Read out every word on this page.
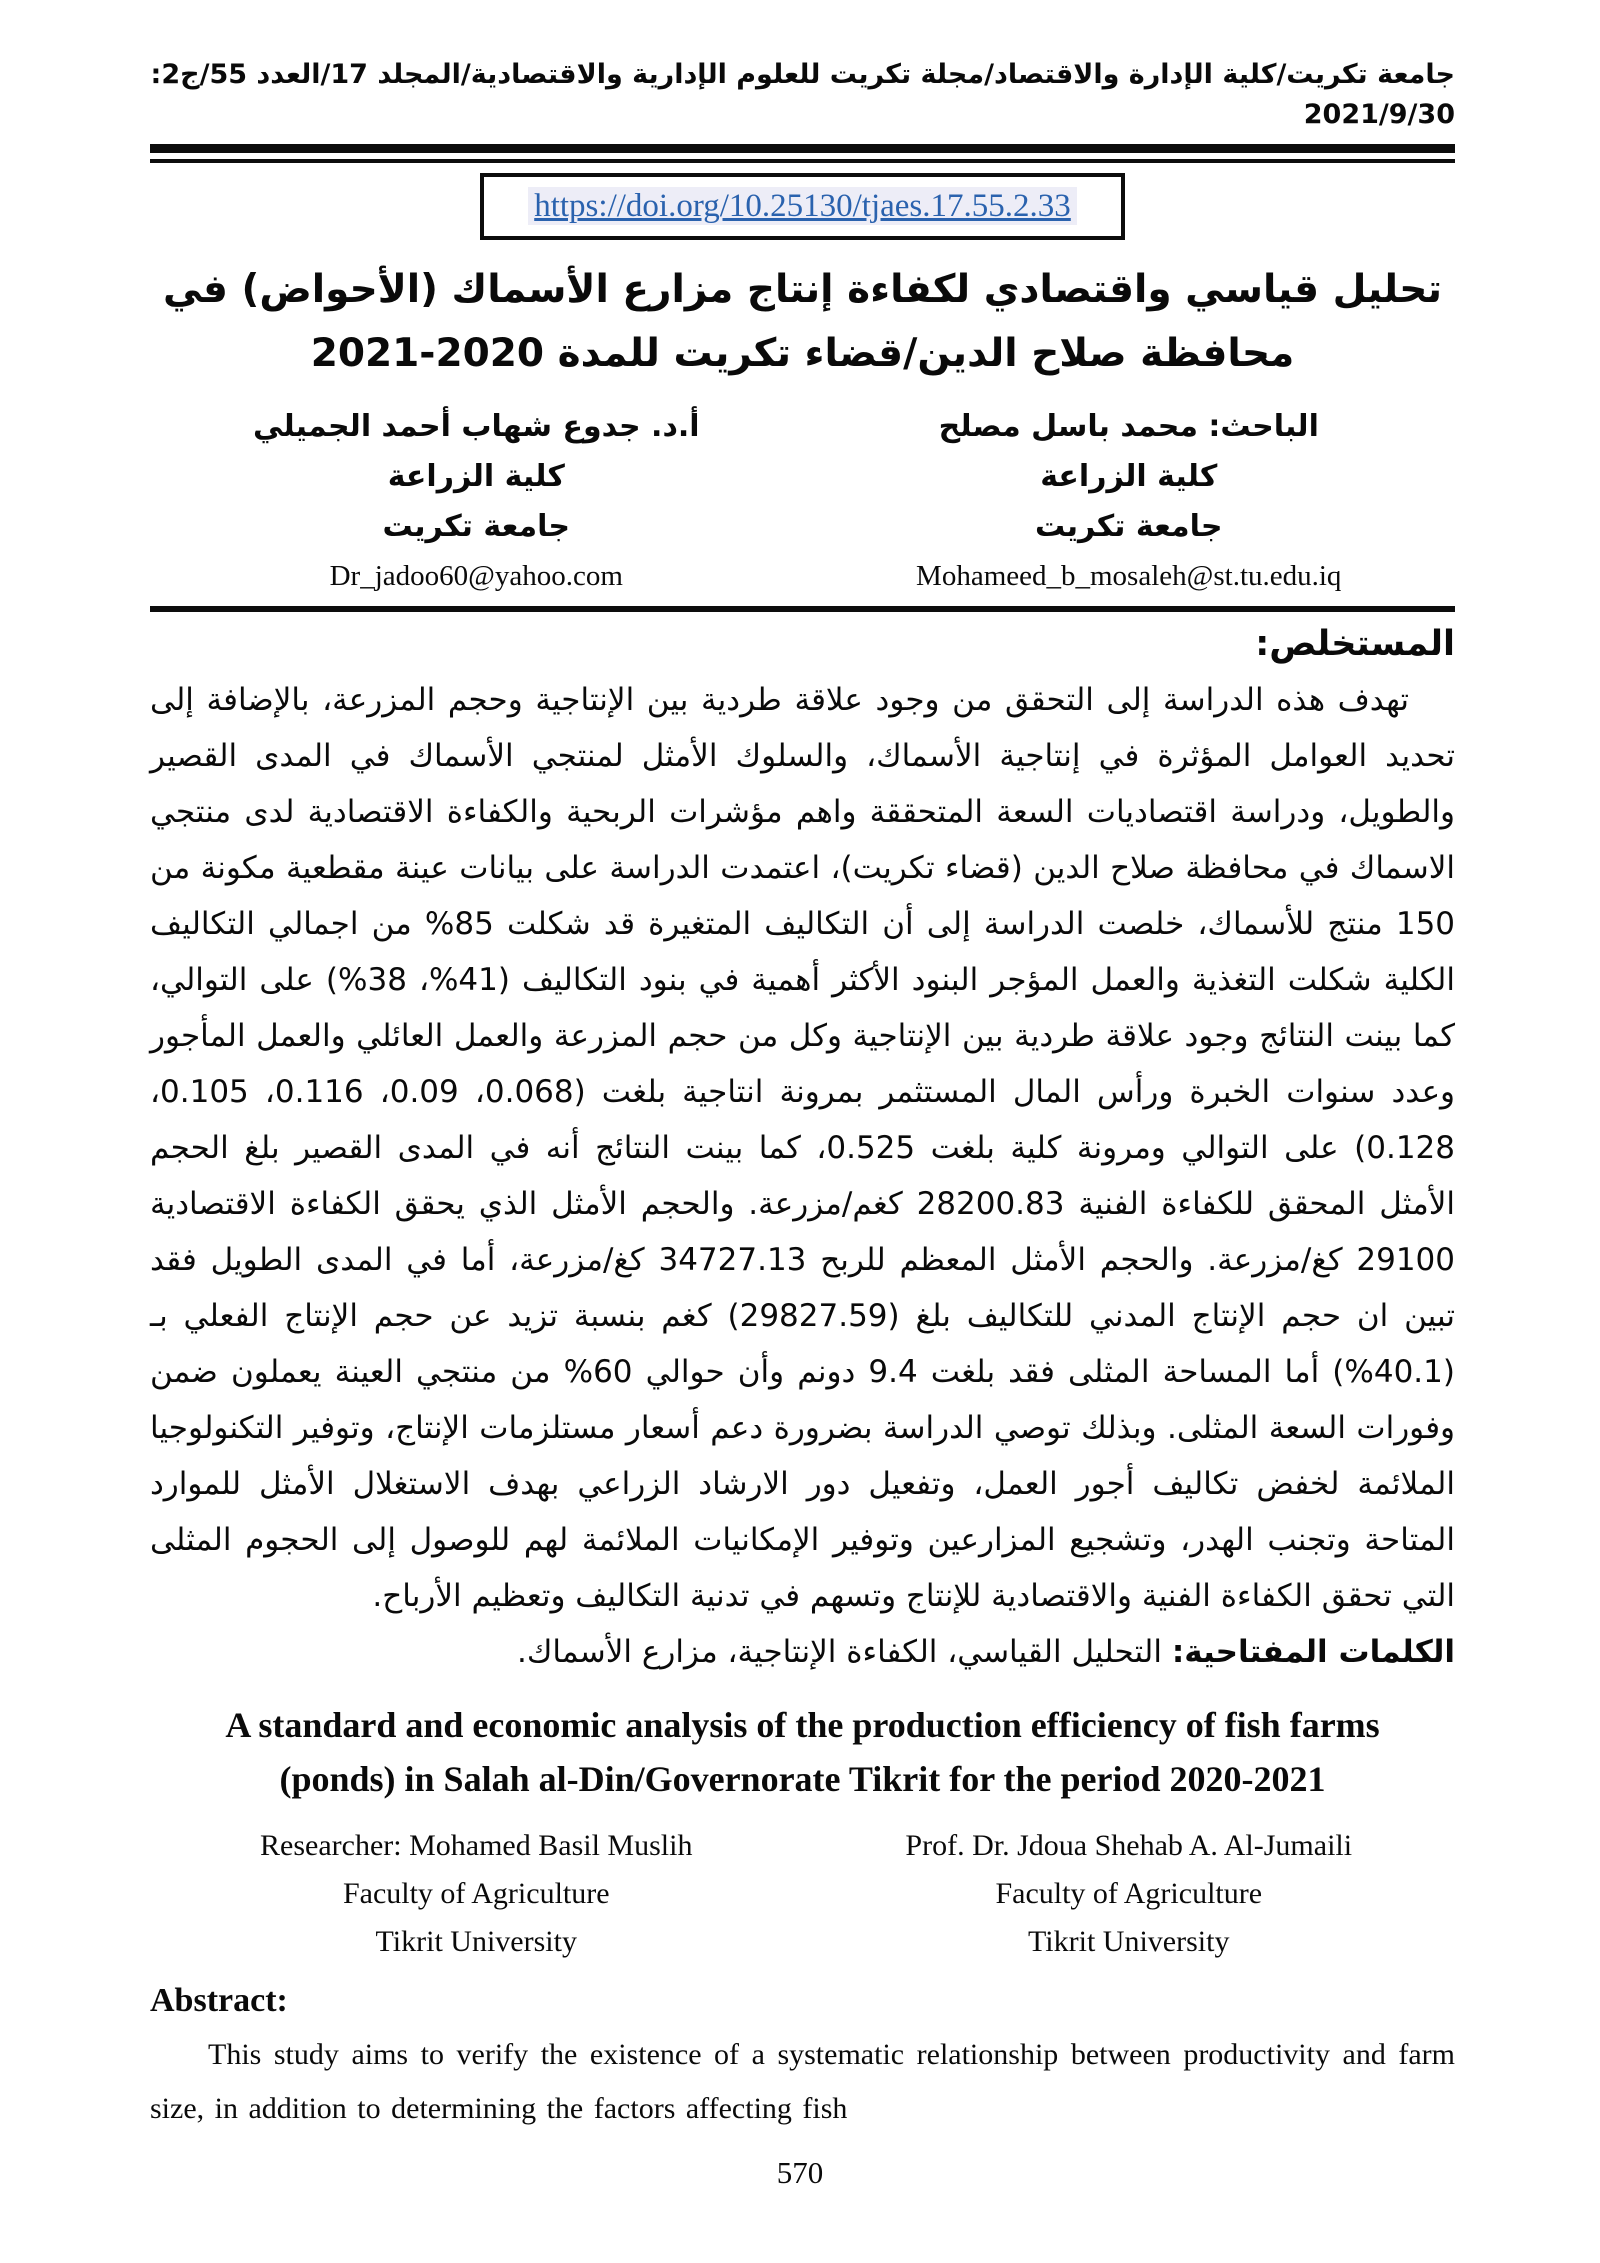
جامعة تكريت/كلية الإدارة والاقتصاد/مجلة تكريت للعلوم الإدارية والاقتصادية/المجلد 17/العدد 55/ج2: 2021/9/30
https://doi.org/10.25130/tjaes.17.55.2.33
تحليل قياسي واقتصادي لكفاءة إنتاج مزارع الأسماك (الأحواض) في محافظة صلاح الدين/قضاء تكريت للمدة 2020-2021
الباحث: محمد باسل مصلح
كلية الزراعة
جامعة تكريت
أ.د. جدوع شهاب أحمد الجميلي
كلية الزراعة
جامعة تكريت
Dr_jadoo60@yahoo.com	Mohameed_b_mosaleh@st.tu.edu.iq
المستخلص:

تهدف هذه الدراسة إلى التحقق من وجود علاقة طردية بين الإنتاجية وحجم المزرعة، بالإضافة إلى تحديد العوامل المؤثرة في إنتاجية الأسماك، والسلوك الأمثل لمنتجي الأسماك في المدى القصير والطويل، ودراسة اقتصاديات السعة المتحققة واهم مؤشرات الربحية والكفاءة الاقتصادية لدى منتجي الاسماك في محافظة صلاح الدين (قضاء تكريت)، اعتمدت الدراسة على بيانات عينة مقطعية مكونة من 150 منتج للأسماك، خلصت الدراسة إلى أن التكاليف المتغيرة قد شكلت 85% من اجمالي التكاليف الكلية شكلت التغذية والعمل المؤجر البنود الأكثر أهمية في بنود التكاليف (41%، 38%) على التوالي، كما بينت النتائج وجود علاقة طردية بين الإنتاجية وكل من حجم المزرعة والعمل العائلي والعمل المأجور وعدد سنوات الخبرة ورأس المال المستثمر بمرونة انتاجية بلغت (0.068، 0.09، 0.116، 0.105، 0.128) على التوالي ومرونة كلية بلغت 0.525، كما بينت النتائج أنه في المدى القصير بلغ الحجم الأمثل المحقق للكفاءة الفنية 28200.83 كغم/مزرعة. والحجم الأمثل الذي يحقق الكفاءة الاقتصادية 29100 كغ/مزرعة. والحجم الأمثل المعظم للربح 34727.13 كغ/مزرعة، أما في المدى الطويل فقد تبين ان حجم الإنتاج المدني للتكاليف بلغ (29827.59) كغم بنسبة تزيد عن حجم الإنتاج الفعلي بـ (40.1%) أما المساحة المثلى فقد بلغت 9.4 دونم وأن حوالي 60% من منتجي العينة يعملون ضمن وفورات السعة المثلى. وبذلك توصي الدراسة بضرورة دعم أسعار مستلزمات الإنتاج، وتوفير التكنولوجيا الملائمة لخفض تكاليف أجور العمل، وتفعيل دور الارشاد الزراعي بهدف الاستغلال الأمثل للموارد المتاحة وتجنب الهدر، وتشجيع المزارعين وتوفير الإمكانيات الملائمة لهم للوصول إلى الحجوم المثلى التي تحقق الكفاءة الفنية والاقتصادية للإنتاج وتسهم في تدنية التكاليف وتعظيم الأرباح.

الكلمات المفتاحية: التحليل القياسي، الكفاءة الإنتاجية، مزارع الأسماك.

A standard and economic analysis of the production efficiency of fish farms (ponds) in Salah al-Din/Governorate Tikrit for the period 2020-2021
Researcher: Mohamed Basil Muslih
Faculty of Agriculture
Tikrit University
Prof. Dr. Jdoua Shehab A. Al-Jumaili
Faculty of Agriculture
Tikrit University
Abstract:

This study aims to verify the existence of a systematic relationship between productivity and farm size, in addition to determining the factors affecting fish

570
